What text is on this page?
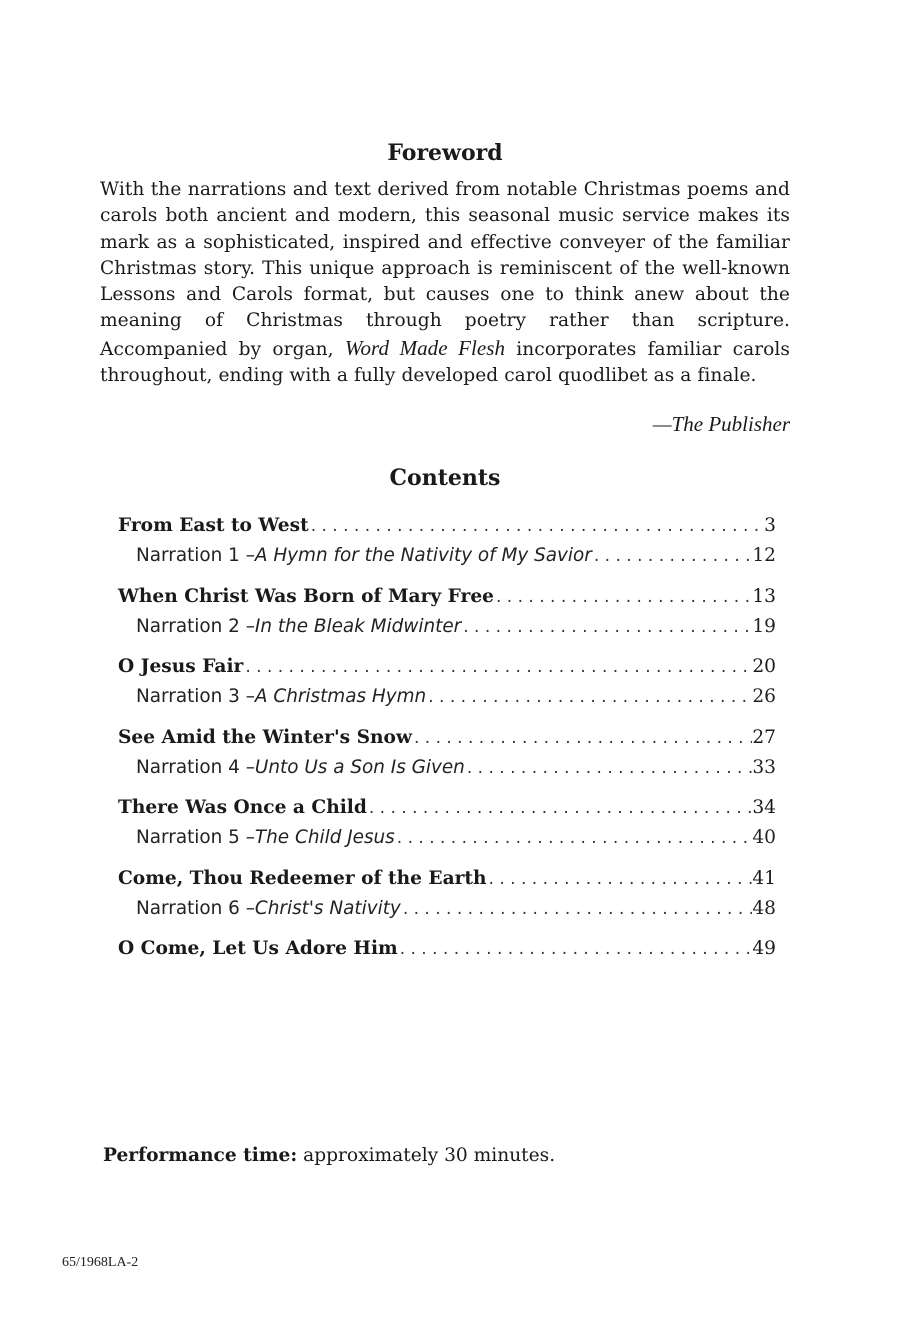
Foreword

With the narrations and text derived from notable Christmas poems and carols both ancient and modern, this seasonal music service makes its mark as a sophisticated, inspired and effective conveyer of the familiar Christmas story. This unique approach is reminiscent of the well-known Lessons and Carols format, but causes one to think anew about the meaning of Christmas through poetry rather than scripture. Accompanied by organ, Word Made Flesh incorporates familiar carols throughout, ending with a fully developed carol quodlibet as a finale.

—The Publisher

Contents
From East to West . . .	3
Narration 1 – A Hymn for the Nativity of My Savior . . .	12
When Christ Was Born of Mary Free . . .	13
Narration 2 – In the Bleak Midwinter . . .	19
O Jesus Fair . . .	20
Narration 3 – A Christmas Hymn . . .	26
See Amid the Winter's Snow . . .	27
Narration 4 – Unto Us a Son Is Given . . .	33
There Was Once a Child . . .	34
Narration 5 – The Child Jesus . . .	40
Come, Thou Redeemer of the Earth . . .	41
Narration 6 – Christ's Nativity . . .	48
O Come, Let Us Adore Him . . .	49

Performance time: approximately 30 minutes.

65/1968LA-2
